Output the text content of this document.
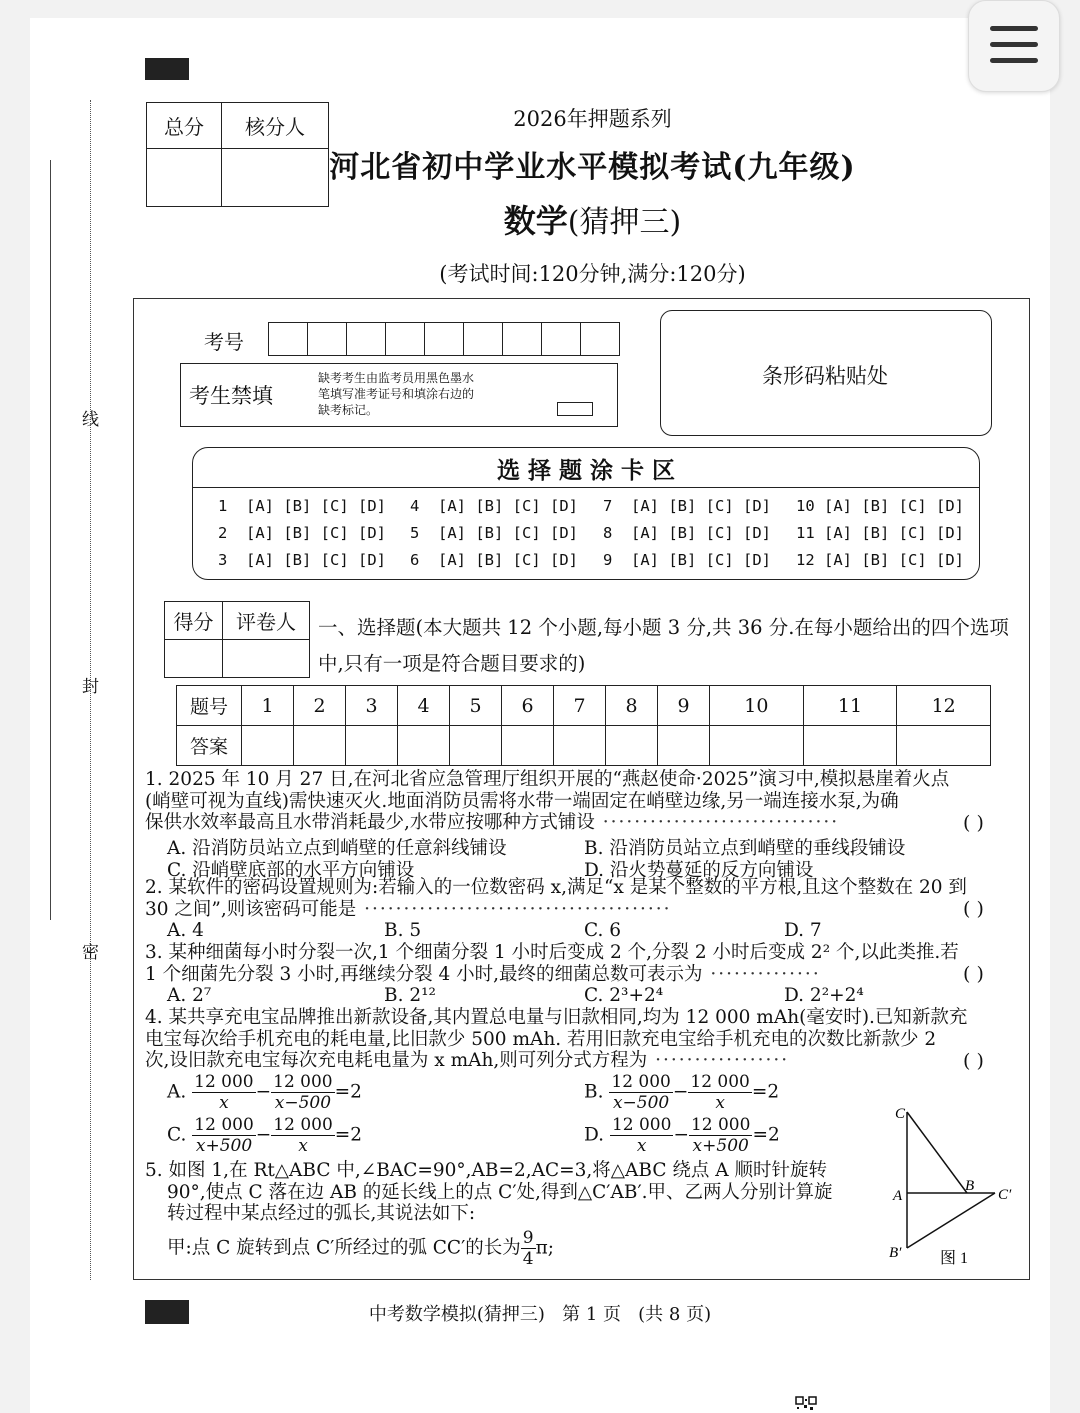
线
封
密
总分	核分人
		2026年押题系列
河北省初中学业水平模拟考试(九年级)
数学(猜押三)
(考试时间:120分钟,满分:120分)
考号
考生禁填
缺考考生由监考员用黑色墨水
笔填写准考证号和填涂右边的
缺考标记。
条形码粘贴处
选 择 题 涂 卡 区
1 [A] [B] [C] [D]
2 [A] [B] [C] [D]
3 [A] [B] [C] [D]
4 [A] [B] [C] [D]
5 [A] [B] [C] [D]
6 [A] [B] [C] [D]
7 [A] [B] [C] [D]
8 [A] [B] [C] [D]
9 [A] [B] [C] [D]
10 [A] [B] [C] [D]
11 [A] [B] [C] [D]
12 [A] [B] [C] [D]
得分	评卷人
	一、选择题(本大题共 12 个小题,每小题 3 分,共 36 分.在每小题给出的四个选项
中,只有一项是符合题目要求的)
题号	1	2	3	4	5	6	7	8	9	10	11	12
答案												
1. 2025 年 10 月 27 日,在河北省应急管理厅组织开展的“燕赵使命·2025”演习中,模拟悬崖着火点
(峭壁可视为直线)需快速灭火.地面消防员需将水带一端固定在峭壁边缘,另一端连接水泵,为确
保供水效率最高且水带消耗最少,水带应按哪种方式铺设 ······························	( )
A. 沿消防员站立点到峭壁的任意斜线铺设	B. 沿消防员站立点到峭壁的垂线段铺设
C. 沿峭壁底部的水平方向铺设	D. 沿火势蔓延的反方向铺设
2. 某软件的密码设置规则为:若输入的一位数密码 x,满足“x 是某个整数的平方根,且这个整数在 20 到
30 之间”,则该密码可能是 ·······································	( )
A. 4	B. 5	C. 6	D. 7
3. 某种细菌每小时分裂一次,1 个细菌分裂 1 小时后变成 2 个,分裂 2 小时后变成 2² 个,以此类推.若
1 个细菌先分裂 3 小时,再继续分裂 4 小时,最终的细菌总数可表示为 ··············	( )
A. 2⁷	B. 2¹²	C. 2³+2⁴	D. 2²+2⁴
4. 某共享充电宝品牌推出新款设备,其内置总电量与旧款相同,均为 12 000 mAh(毫安时).已知新款充
电宝每次给手机充电的耗电量,比旧款少 500 mAh. 若用旧款充电宝给手机充电的次数比新款少 2
次,设旧款充电宝每次充电耗电量为 x mAh,则可列分式方程为 ·················	( )
A. $\frac{12 000}{x} - \frac{12 000}{x-500} =2$	B. $\frac{12 000}{x-500} - \frac{12 000}{x} =2$
C. $\frac{12 000}{x+500} - \frac{12 000}{x} =2$	D. $\frac{12 000}{x} - \frac{12 000}{x+500} =2$
5. 如图 1,在 Rt△ABC 中,∠BAC=90°,AB=2,AC=3,将△ABC 绕点 A 顺时针旋转
90°,使点 C 落在边 AB 的延长线上的点 C′处,得到△C′AB′.甲、乙两人分别计算旋
转过程中某点经过的弧长,其说法如下:
甲:点 C 旋转到点 C′所经过的弧 CC′的长为 $\frac{9}{4} \pi$;
C
A
B
C′
B′ 图 1
中考数学模拟(猜押三)   第 1 页   (共 8 页)
